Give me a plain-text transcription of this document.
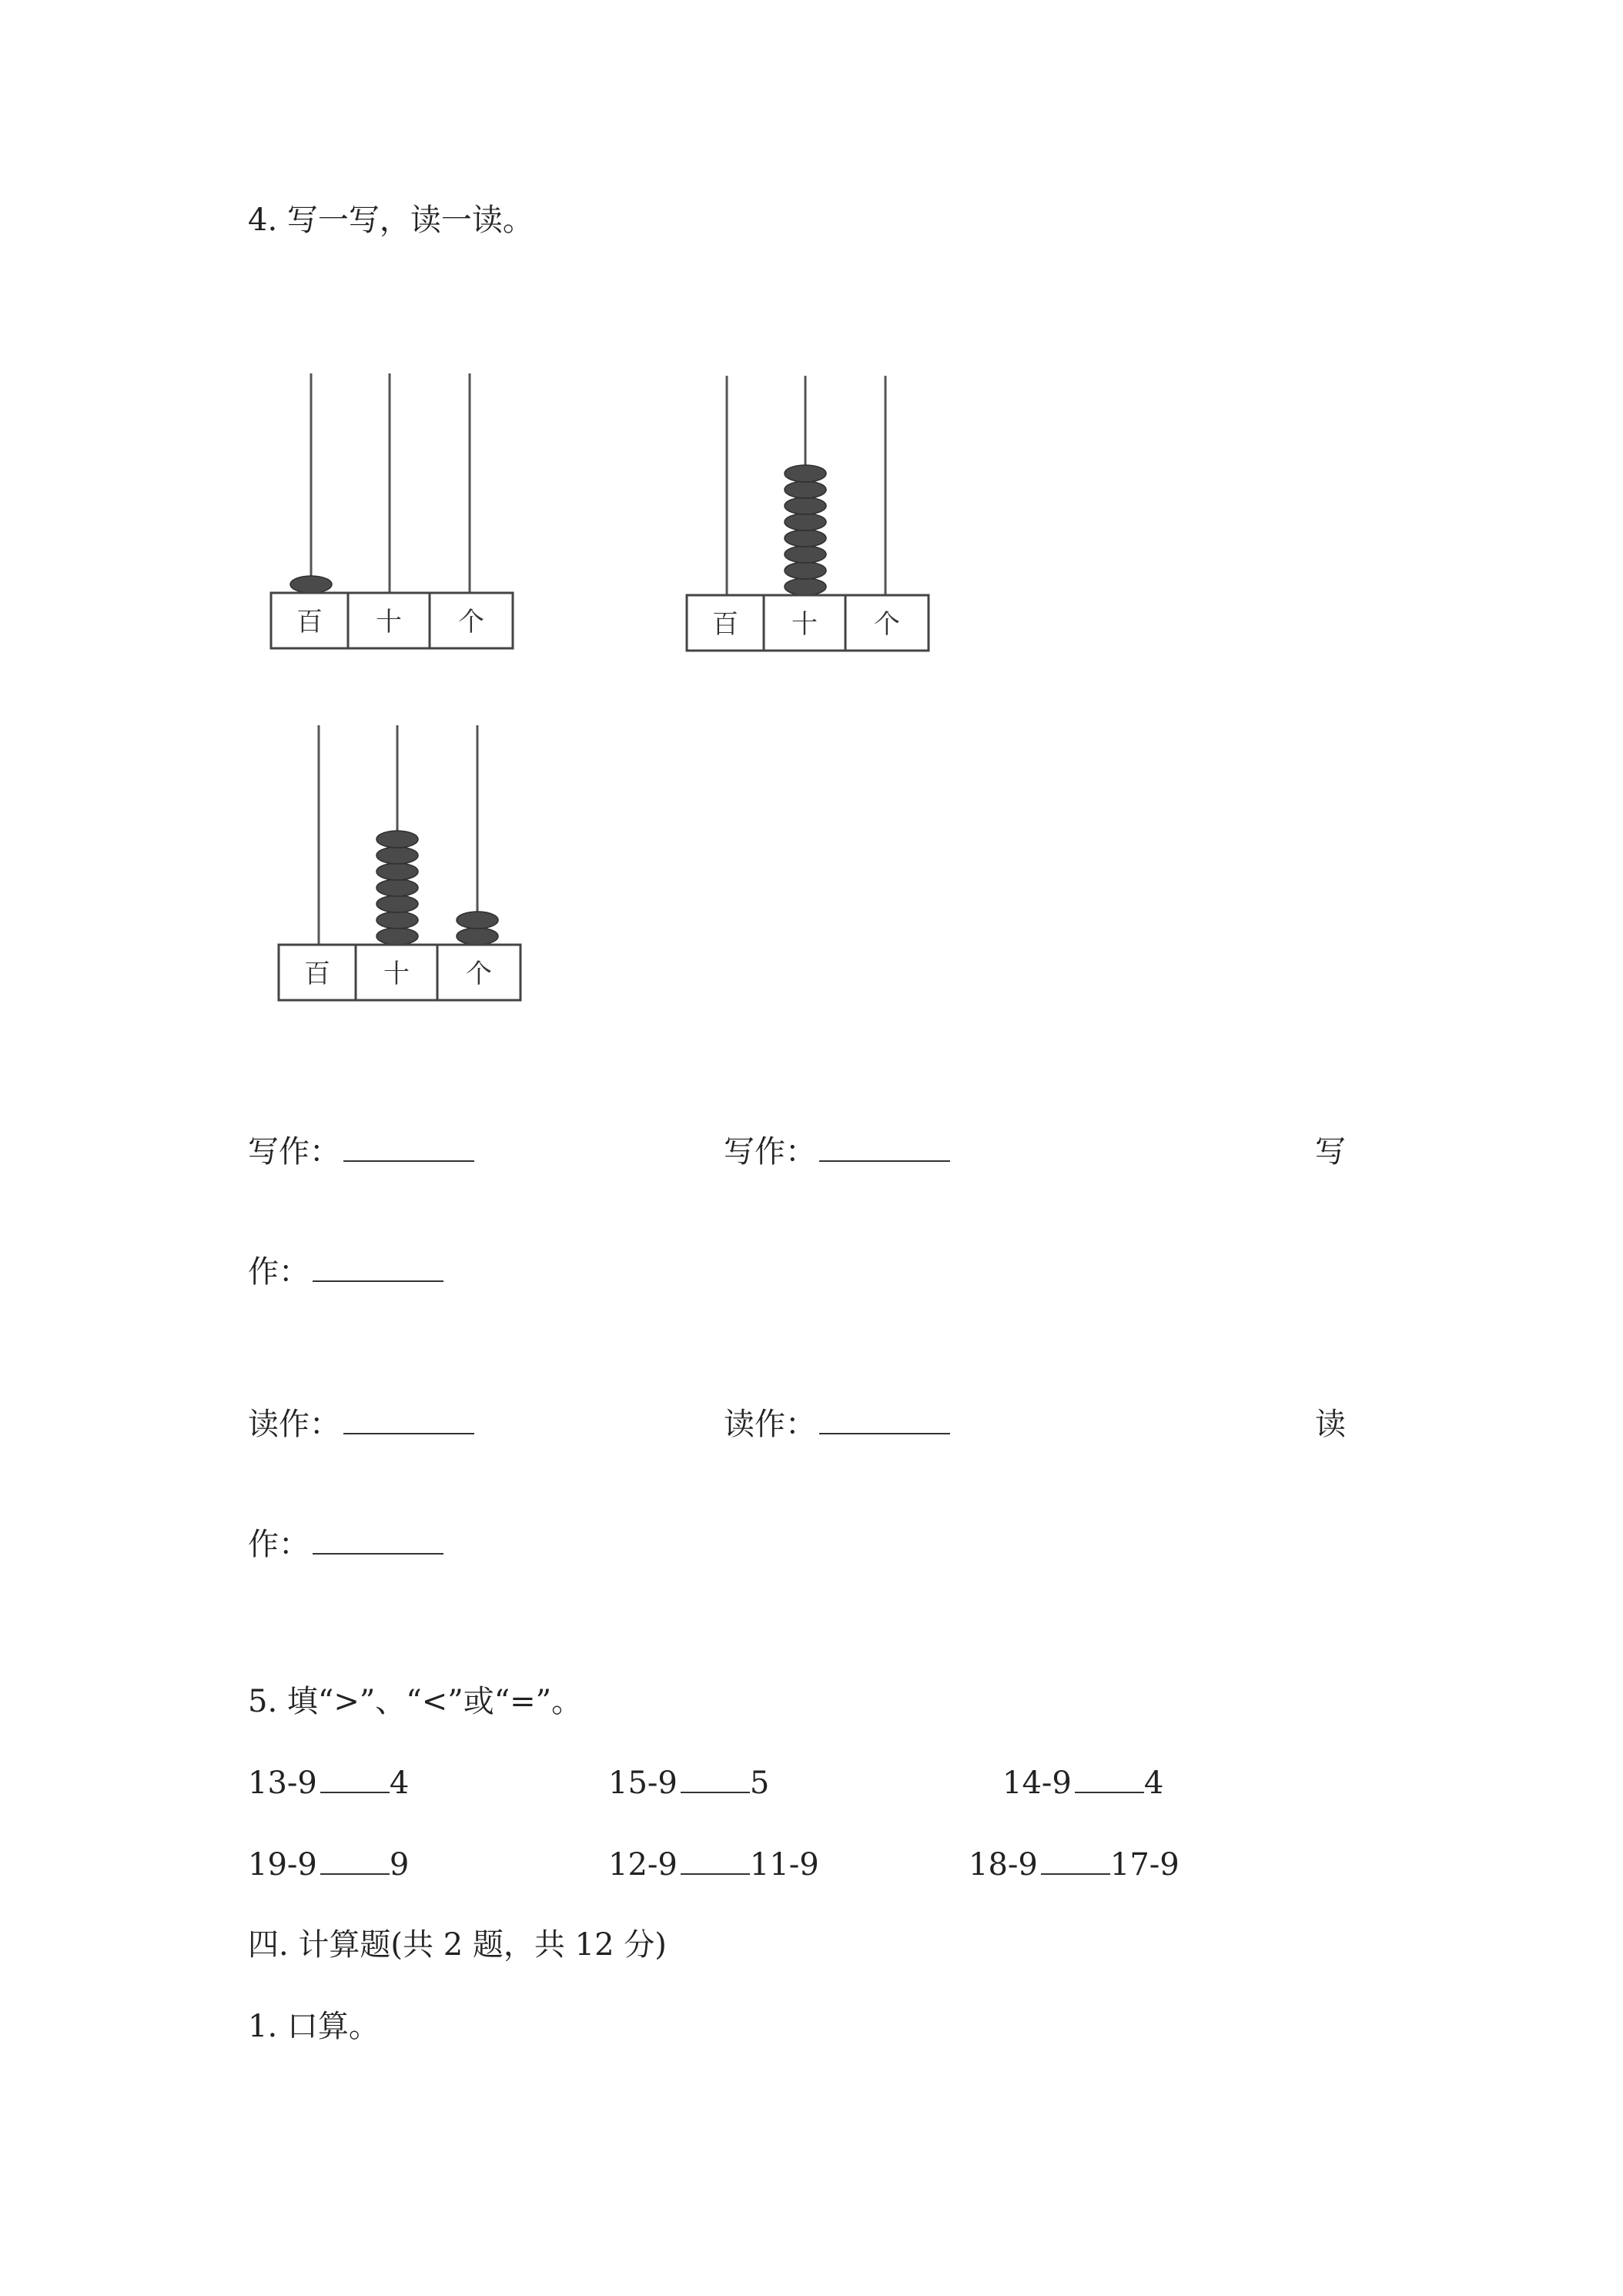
4. 写一写，读一读。
百 十 个	百 十 个
百 十 个
写作：	写作：	写
作：
读作：	读作：	读
作：
5. 填“>”、“<”或“=”。
13-9 4	15-9 5	14-9 4
19-9 9	12-9 11-9	18-9 17-9
四. 计算题(共 2 题，共 12 分)
1. 口算。
